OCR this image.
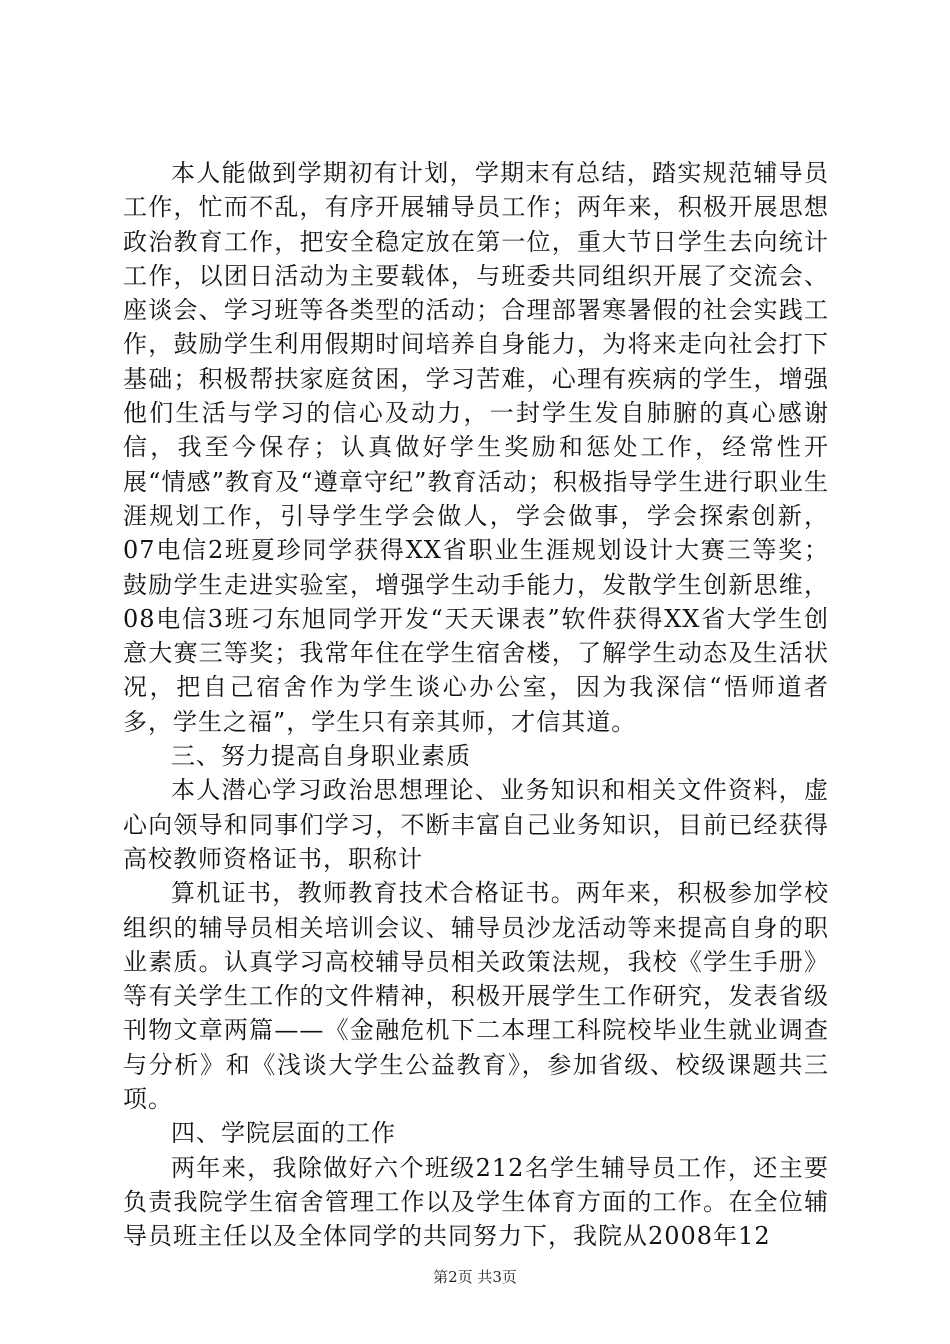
本人能做到学期初有计划，学期末有总结，踏实规范辅导员工作，忙而不乱，有序开展辅导员工作；两年来，积极开展思想政治教育工作，把安全稳定放在第一位，重大节日学生去向统计工作，以团日活动为主要载体，与班委共同组织开展了交流会、座谈会、学习班等各类型的活动；合理部署寒暑假的社会实践工作，鼓励学生利用假期时间培养自身能力，为将来走向社会打下基础；积极帮扶家庭贫困，学习苦难，心理有疾病的学生，增强他们生活与学习的信心及动力，一封学生发自肺腑的真心感谢信，我至今保存；认真做好学生奖励和惩处工作，经常性开展“情感”教育及“遵章守纪”教育活动；积极指导学生进行职业生涯规划工作，引导学生学会做人，学会做事，学会探索创新，07电信2班夏珍同学获得XX省职业生涯规划设计大赛三等奖；鼓励学生走进实验室，增强学生动手能力，发散学生创新思维，08电信3班刁东旭同学开发“天天课表”软件获得XX省大学生创意大赛三等奖；我常年住在学生宿舍楼，了解学生动态及生活状况，把自己宿舍作为学生谈心办公室，因为我深信“悟师道者多，学生之福”，学生只有亲其师，才信其道。

三、努力提高自身职业素质

本人潜心学习政治思想理论、业务知识和相关文件资料，虚心向领导和同事们学习，不断丰富自己业务知识，目前已经获得高校教师资格证书，职称计

算机证书，教师教育技术合格证书。两年来，积极参加学校组织的辅导员相关培训会议、辅导员沙龙活动等来提高自身的职业素质。认真学习高校辅导员相关政策法规，我校《学生手册》等有关学生工作的文件精神，积极开展学生工作研究，发表省级刊物文章两篇——《金融危机下二本理工科院校毕业生就业调查与分析》和《浅谈大学生公益教育》，参加省级、校级课题共三项。

四、学院层面的工作

两年来，我除做好六个班级212名学生辅导员工作，还主要负责我院学生宿舍管理工作以及学生体育方面的工作。在全位辅导员班主任以及全体同学的共同努力下，我院从2008年12

第2页 共3页
